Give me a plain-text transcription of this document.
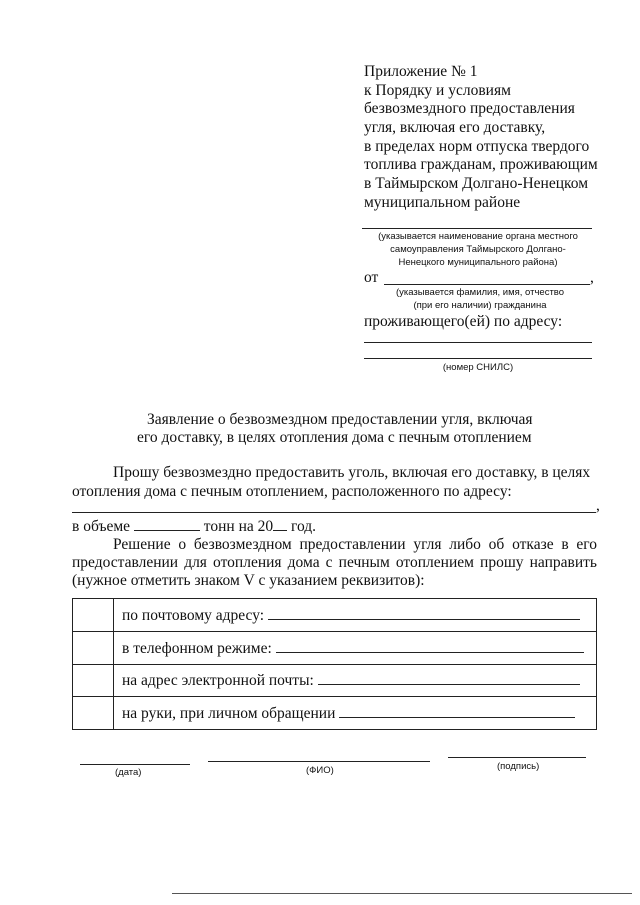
Приложение № 1
к Порядку и условиям
безвозмездного предоставления
угля, включая его доставку,
в пределах норм отпуска твердого
топлива гражданам, проживающим
в Таймырском Долгано-Ненецком
муниципальном районе
(указывается наименование органа местного
самоуправления Таймырского Долгано-
Ненецкого муниципального района)
от	,
(указывается фамилия, имя, отчество
(при его наличии) гражданина
проживающего(ей) по адресу:
(номер СНИЛС)
Заявление о безвозмездном предоставлении угля, включая
его доставку, в целях отопления дома с печным отоплением
Прошу безвозмездно предоставить уголь, включая его доставку, в целях
отопления дома с печным отоплением, расположенного по адресу:
,
в объеме	тонн на 20 год.
Решение о безвозмездном предоставлении угля либо об отказе в его
предоставлении для отопления дома с печным отоплением прошу направить
(нужное отметить знаком V с указанием реквизитов):
	по почтовому адресу:
	в телефонном режиме:
	на адрес электронной почты:
	на руки, при личном обращении
(дата)	(ФИО)	(подпись)
